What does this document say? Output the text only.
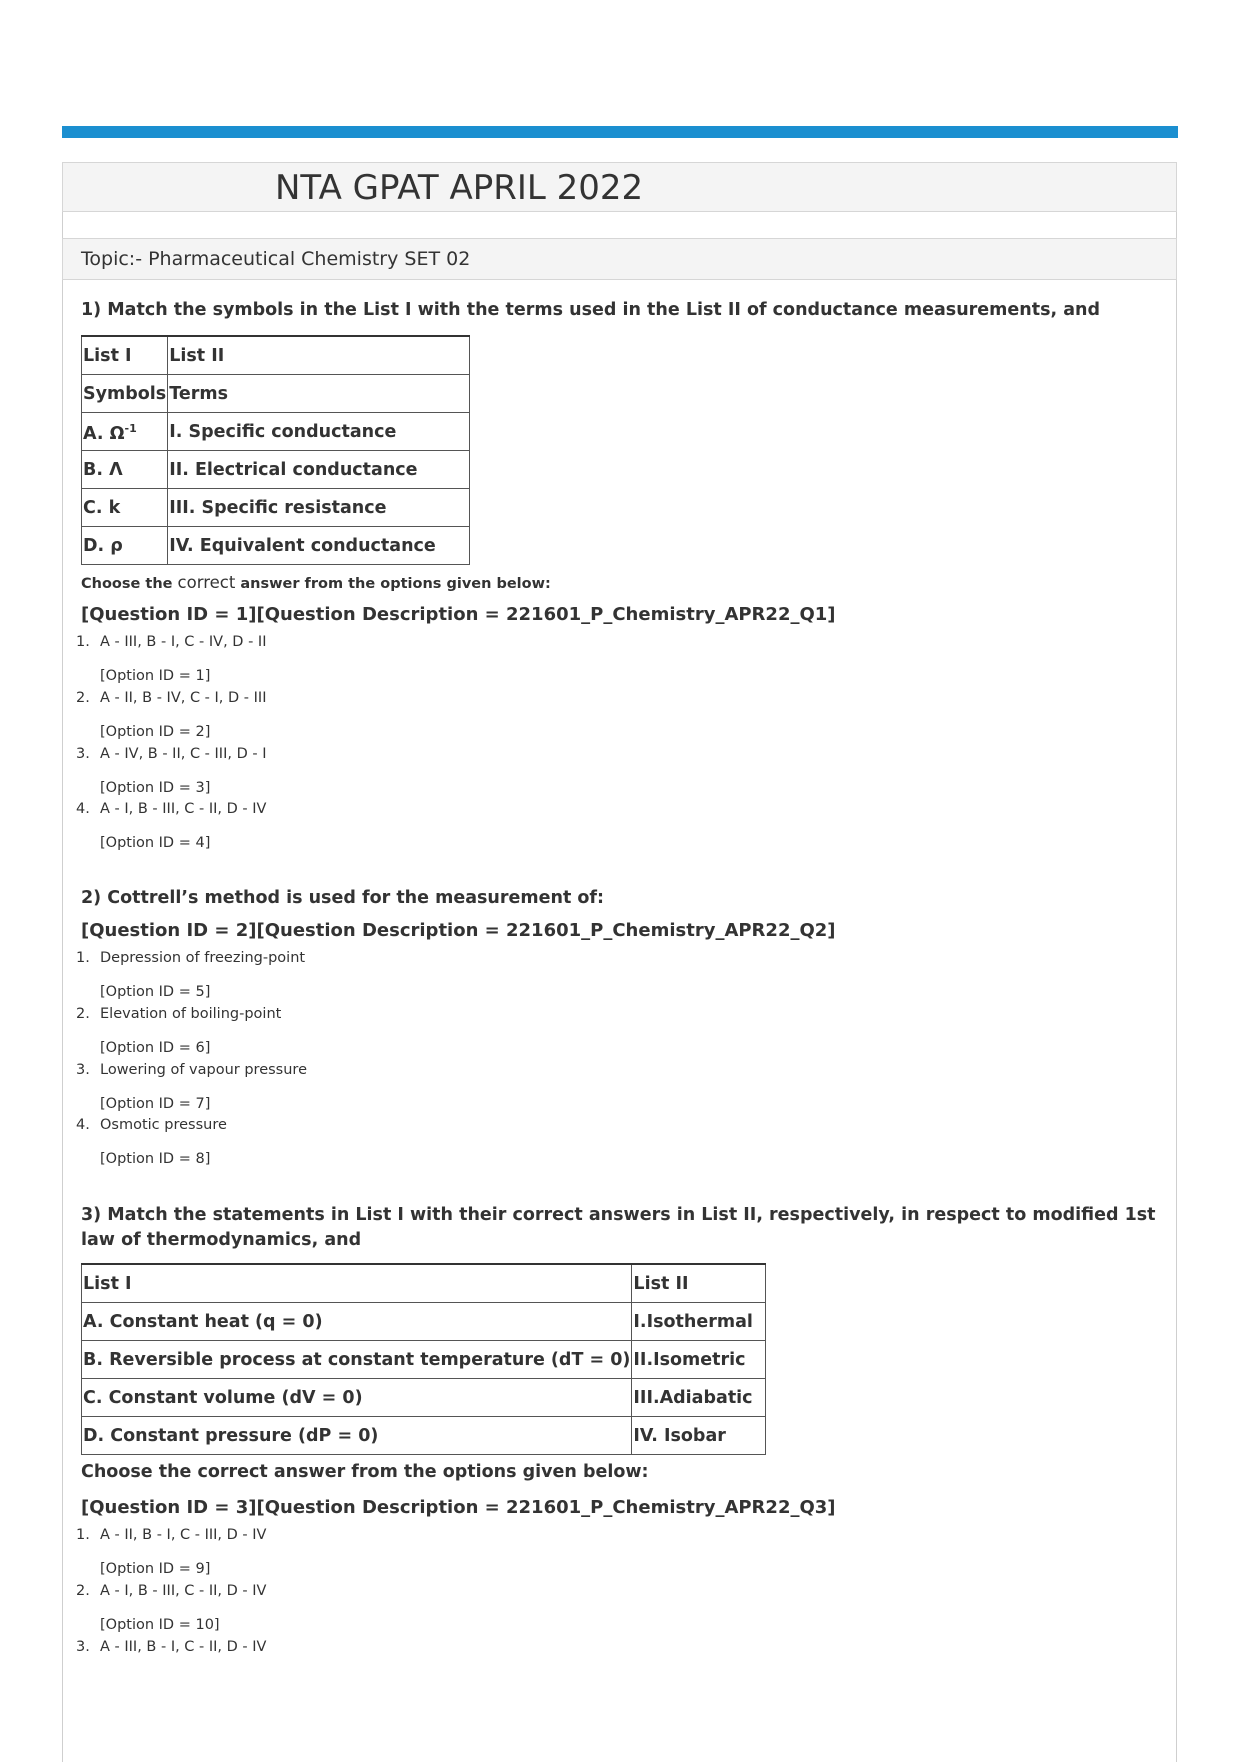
NTA GPAT APRIL 2022
Topic:- Pharmaceutical Chemistry SET 02
1) Match the symbols in the List I with the terms used in the List II of conductance measurements, and
List I	List II
Symbols	Terms
A. $\Omega^{-1}$	I. Specific conductance
B. Λ	II. Electrical conductance
C. k	III. Specific resistance
D. ρ	IV. Equivalent conductance
Choose the correct answer from the options given below:
[Question ID = 1][Question Description = 221601_P_Chemistry_APR22_Q1]
1. A - III, B - I, C - IV, D - II
[Option ID = 1]
2. A - II, B - IV, C - I, D - III
[Option ID = 2]
3. A - IV, B - II, C - III, D - I
[Option ID = 3]
4. A - I, B - III, C - II, D - IV
[Option ID = 4]
2) Cottrell’s method is used for the measurement of:
[Question ID = 2][Question Description = 221601_P_Chemistry_APR22_Q2]
1. Depression of freezing-point
[Option ID = 5]
2. Elevation of boiling-point
[Option ID = 6]
3. Lowering of vapour pressure
[Option ID = 7]
4. Osmotic pressure
[Option ID = 8]
3) Match the statements in List I with their correct answers in List II, respectively, in respect to modified 1st law of thermodynamics, and
List I	List II
A. Constant heat (q = 0)	I.Isothermal
B. Reversible process at constant temperature (dT = 0)	II.Isometric
C. Constant volume (dV = 0)	III.Adiabatic
D. Constant pressure (dP = 0)	IV. Isobar
Choose the correct answer from the options given below:
[Question ID = 3][Question Description = 221601_P_Chemistry_APR22_Q3]
1. A - II, B - I, C - III, D - IV
[Option ID = 9]
2. A - I, B - III, C - II, D - IV
[Option ID = 10]
3. A - III, B - I, C - II, D - IV
